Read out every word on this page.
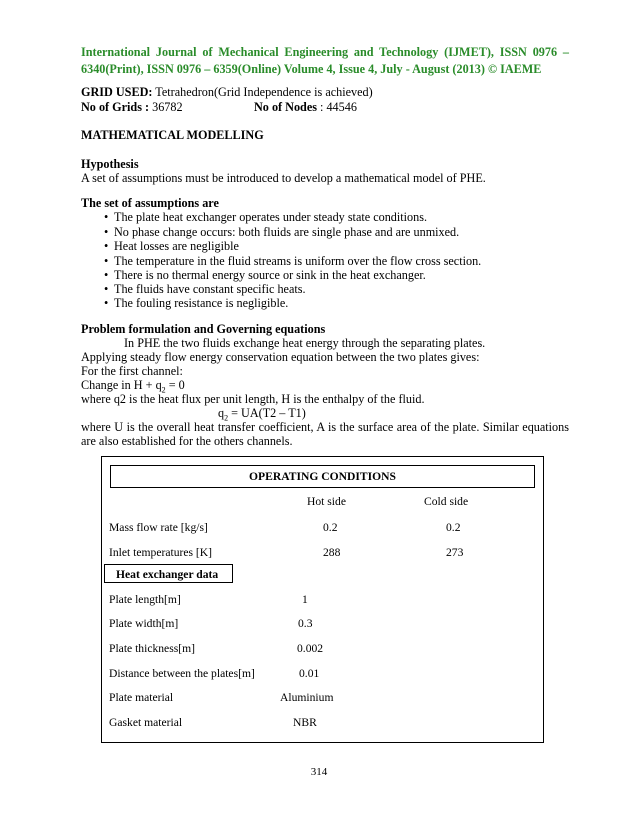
International Journal of Mechanical Engineering and Technology (IJMET), ISSN 0976 – 6340(Print), ISSN 0976 – 6359(Online) Volume 4, Issue 4, July - August (2013) © IAEME
GRID USED: Tetrahedron(Grid Independence is achieved)
No of Grids : 36782	No of Nodes : 44546
MATHEMATICAL MODELLING
Hypothesis
A set of assumptions must be introduced to develop a mathematical model of PHE.
The set of assumptions are
• The plate heat exchanger operates under steady state conditions.
• No phase change occurs: both fluids are single phase and are unmixed.
• Heat losses are negligible
• The temperature in the fluid streams is uniform over the flow cross section.
• There is no thermal energy source or sink in the heat exchanger.
• The fluids have constant specific heats.
• The fouling resistance is negligible.
Problem formulation and Governing equations
In PHE the two fluids exchange heat energy through the separating plates.
Applying steady flow energy conservation equation between the two plates gives:
For the first channel:
Change in $H + q_2 = 0$
where q2 is the heat flux per unit length, H is the enthalpy of the fluid.
$q_2 = UA(T2 - T1)$
where U is the overall heat transfer coefficient, A is the surface area of the plate. Similar equations are also established for the others channels.
OPERATING CONDITIONS
Hot side	Cold side
Mass flow rate [kg/s]	0.2	0.2
Inlet temperatures [K]	288	273
Heat exchanger data
Plate length[m]	1
Plate width[m]	0.3
Plate thickness[m]	0.002
Distance between the plates[m]	0.01
Plate material	Aluminium
Gasket material	NBR
314
